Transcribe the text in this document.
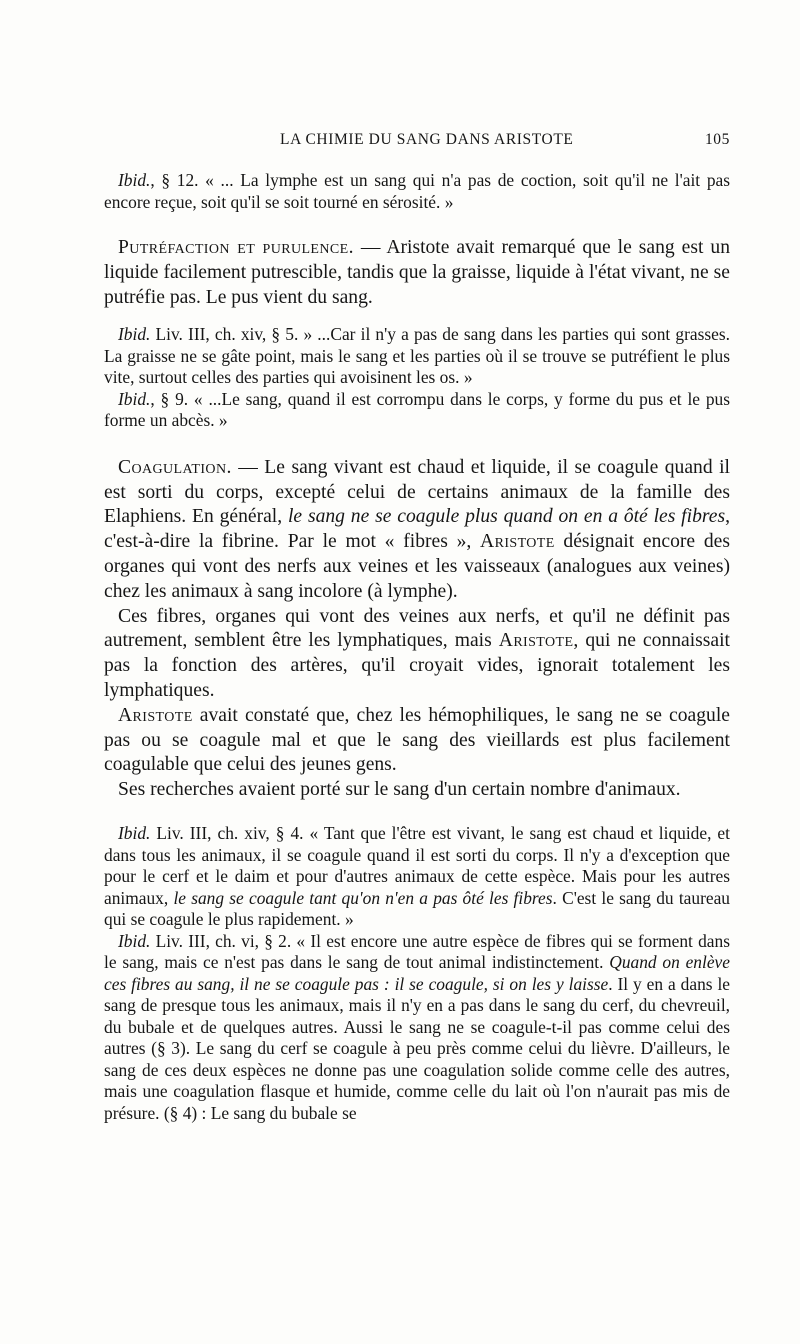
LA CHIMIE DU SANG DANS ARISTOTE	105

Ibid., § 12. « ... La lymphe est un sang qui n'a pas de coction, soit qu'il ne l'ait pas encore reçue, soit qu'il se soit tourné en sérosité. »

Putréfaction et purulence. — Aristote avait remarqué que le sang est un liquide facilement putrescible, tandis que la graisse, liquide à l'état vivant, ne se putréfie pas. Le pus vient du sang.

Ibid. Liv. III, ch. xiv, § 5. » ...Car il n'y a pas de sang dans les parties qui sont grasses. La graisse ne se gâte point, mais le sang et les parties où il se trouve se putréfient le plus vite, surtout celles des parties qui avoisinent les os. »

Ibid., § 9. « ...Le sang, quand il est corrompu dans le corps, y forme du pus et le pus forme un abcès. »

Coagulation. — Le sang vivant est chaud et liquide, il se coagule quand il est sorti du corps, excepté celui de certains animaux de la famille des Elaphiens. En général, le sang ne se coagule plus quand on en a ôté les fibres, c'est-à-dire la fibrine. Par le mot « fibres », Aristote désignait encore des organes qui vont des nerfs aux veines et les vaisseaux (analogues aux veines) chez les animaux à sang incolore (à lymphe).

Ces fibres, organes qui vont des veines aux nerfs, et qu'il ne définit pas autrement, semblent être les lymphatiques, mais Aristote, qui ne connaissait pas la fonction des artères, qu'il croyait vides, ignorait totalement les lymphatiques.

Aristote avait constaté que, chez les hémophiliques, le sang ne se coagule pas ou se coagule mal et que le sang des vieillards est plus facilement coagulable que celui des jeunes gens.

Ses recherches avaient porté sur le sang d'un certain nombre d'animaux.

Ibid. Liv. III, ch. xiv, § 4. « Tant que l'être est vivant, le sang est chaud et liquide, et dans tous les animaux, il se coagule quand il est sorti du corps. Il n'y a d'exception que pour le cerf et le daim et pour d'autres animaux de cette espèce. Mais pour les autres animaux, le sang se coagule tant qu'on n'en a pas ôté les fibres. C'est le sang du taureau qui se coagule le plus rapidement. »

Ibid. Liv. III, ch. vi, § 2. « Il est encore une autre espèce de fibres qui se forment dans le sang, mais ce n'est pas dans le sang de tout animal indistinctement. Quand on enlève ces fibres au sang, il ne se coagule pas : il se coagule, si on les y laisse. Il y en a dans le sang de presque tous les animaux, mais il n'y en a pas dans le sang du cerf, du chevreuil, du bubale et de quelques autres. Aussi le sang ne se coagule-t-il pas comme celui des autres (§ 3). Le sang du cerf se coagule à peu près comme celui du lièvre. D'ailleurs, le sang de ces deux espèces ne donne pas une coagulation solide comme celle des autres, mais une coagulation flasque et humide, comme celle du lait où l'on n'aurait pas mis de présure. (§ 4) : Le sang du bubale se
